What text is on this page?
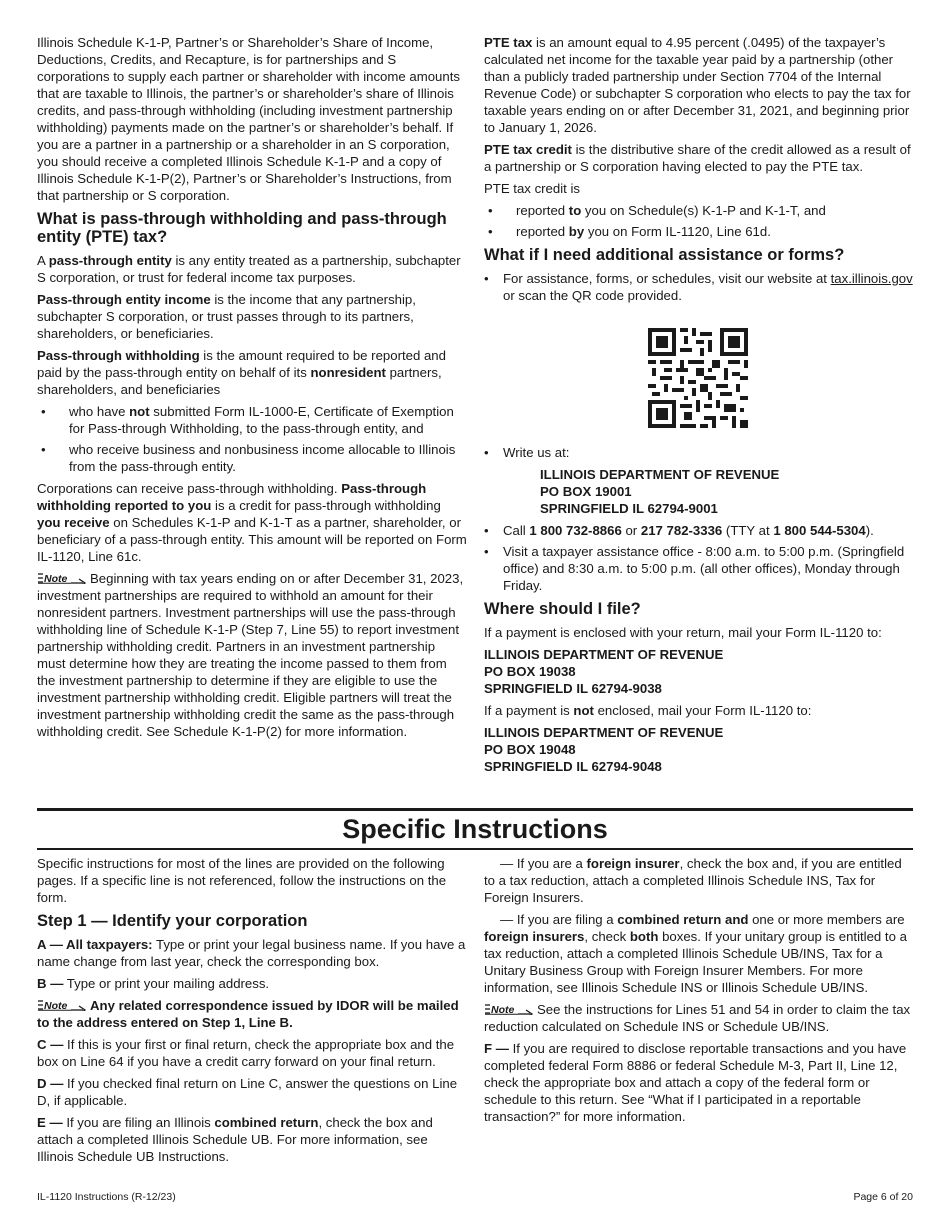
Illinois Schedule K-1-P, Partner’s or Shareholder’s Share of Income, Deductions, Credits, and Recapture, is for partnerships and S corporations to supply each partner or shareholder with income amounts that are taxable to Illinois, the partner’s or shareholder’s share of Illinois credits, and pass-through withholding (including investment partnership withholding) payments made on the partner’s or shareholder’s behalf. If you are a partner in a partnership or a shareholder in an S corporation, you should receive a completed Illinois Schedule K-1-P and a copy of Illinois Schedule K-1-P(2), Partner’s or Shareholder’s Instructions, from that partnership or S corporation.

What is pass-through withholding and pass-through entity (PTE) tax?

A pass-through entity is any entity treated as a partnership, subchapter S corporation, or trust for federal income tax purposes.

Pass-through entity income is the income that any partnership, subchapter S corporation, or trust passes through to its partners, shareholders, or beneficiaries.

Pass-through withholding is the amount required to be reported and paid by the pass-through entity on behalf of its nonresident partners, shareholders, and beneficiaries

• who have not submitted Form IL-1000-E, Certificate of Exemption for Pass-through Withholding, to the pass-through entity, and
• who receive business and nonbusiness income allocable to Illinois from the pass-through entity.

Corporations can receive pass-through withholding. Pass-through withholding reported to you is a credit for pass-through withholding you receive on Schedules K-1-P and K-1-T as a partner, shareholder, or beneficiary of a pass-through entity. This amount will be reported on Form IL-1120, Line 61c.

Note Beginning with tax years ending on or after December 31, 2023, investment partnerships are required to withhold an amount for their nonresident partners. Investment partnerships will use the pass-through withholding line of Schedule K-1-P (Step 7, Line 55) to report investment partnership withholding credit. Partners in an investment partnership must determine how they are treating the income passed to them from the investment partnership to determine if they are eligible to use the investment partnership withholding credit. Eligible partners will treat the investment partnership withholding credit the same as the pass-through withholding credit. See Schedule K-1-P(2) for more information.

PTE tax is an amount equal to 4.95 percent (.0495) of the taxpayer’s calculated net income for the taxable year paid by a partnership (other than a publicly traded partnership under Section 7704 of the Internal Revenue Code) or subchapter S corporation who elects to pay the tax for taxable years ending on or after December 31, 2021, and beginning prior to January 1, 2026.

PTE tax credit is the distributive share of the credit allowed as a result of a partnership or S corporation having elected to pay the PTE tax.

PTE tax credit is

• reported to you on Schedule(s) K-1-P and K-1-T, and
• reported by you on Form IL-1120, Line 61d.
What if I need additional assistance or forms?
• For assistance, forms, or schedules, visit our website at tax.illinois.gov or scan the QR code provided.
• Write us at:
ILLINOIS DEPARTMENT OF REVENUE
PO BOX 19001
SPRINGFIELD IL 62794-9001
• Call 1 800 732-8866 or 217 782-3336 (TTY at 1 800 544-5304).
• Visit a taxpayer assistance office - 8:00 a.m. to 5:00 p.m. (Springfield office) and 8:30 a.m. to 5:00 p.m. (all other offices), Monday through Friday.
Where should I file?

If a payment is enclosed with your return, mail your Form IL-1120 to:

ILLINOIS DEPARTMENT OF REVENUE
PO BOX 19038
SPRINGFIELD IL 62794-9038

If a payment is not enclosed, mail your Form IL-1120 to:

ILLINOIS DEPARTMENT OF REVENUE
PO BOX 19048
SPRINGFIELD IL 62794-9048
Specific Instructions

Specific instructions for most of the lines are provided on the following pages. If a specific line is not referenced, follow the instructions on the form.

Step 1 — Identify your corporation

A — All taxpayers: Type or print your legal business name. If you have a name change from last year, check the corresponding box.

B — Type or print your mailing address.

Note Any related correspondence issued by IDOR will be mailed to the address entered on Step 1, Line B.

C — If this is your first or final return, check the appropriate box and the box on Line 64 if you have a credit carry forward on your final return.

D — If you checked final return on Line C, answer the questions on Line D, if applicable.

E — If you are filing an Illinois combined return, check the box and attach a completed Illinois Schedule UB. For more information, see Illinois Schedule UB Instructions.

— If you are a foreign insurer, check the box and, if you are entitled to a tax reduction, attach a completed Illinois Schedule INS, Tax for Foreign Insurers.

— If you are filing a combined return and one or more members are foreign insurers, check both boxes. If your unitary group is entitled to a tax reduction, attach a completed Illinois Schedule UB/INS, Tax for a Unitary Business Group with Foreign Insurer Members. For more information, see Illinois Schedule INS or Illinois Schedule UB/INS.

Note See the instructions for Lines 51 and 54 in order to claim the tax reduction calculated on Schedule INS or Schedule UB/INS.

F — If you are required to disclose reportable transactions and you have completed federal Form 8886 or federal Schedule M-3, Part II, Line 12, check the appropriate box and attach a copy of the federal form or schedule to this return. See “What if I participated in a reportable transaction?” for more information.

IL-1120 Instructions (R-12/23)	Page 6 of 20
